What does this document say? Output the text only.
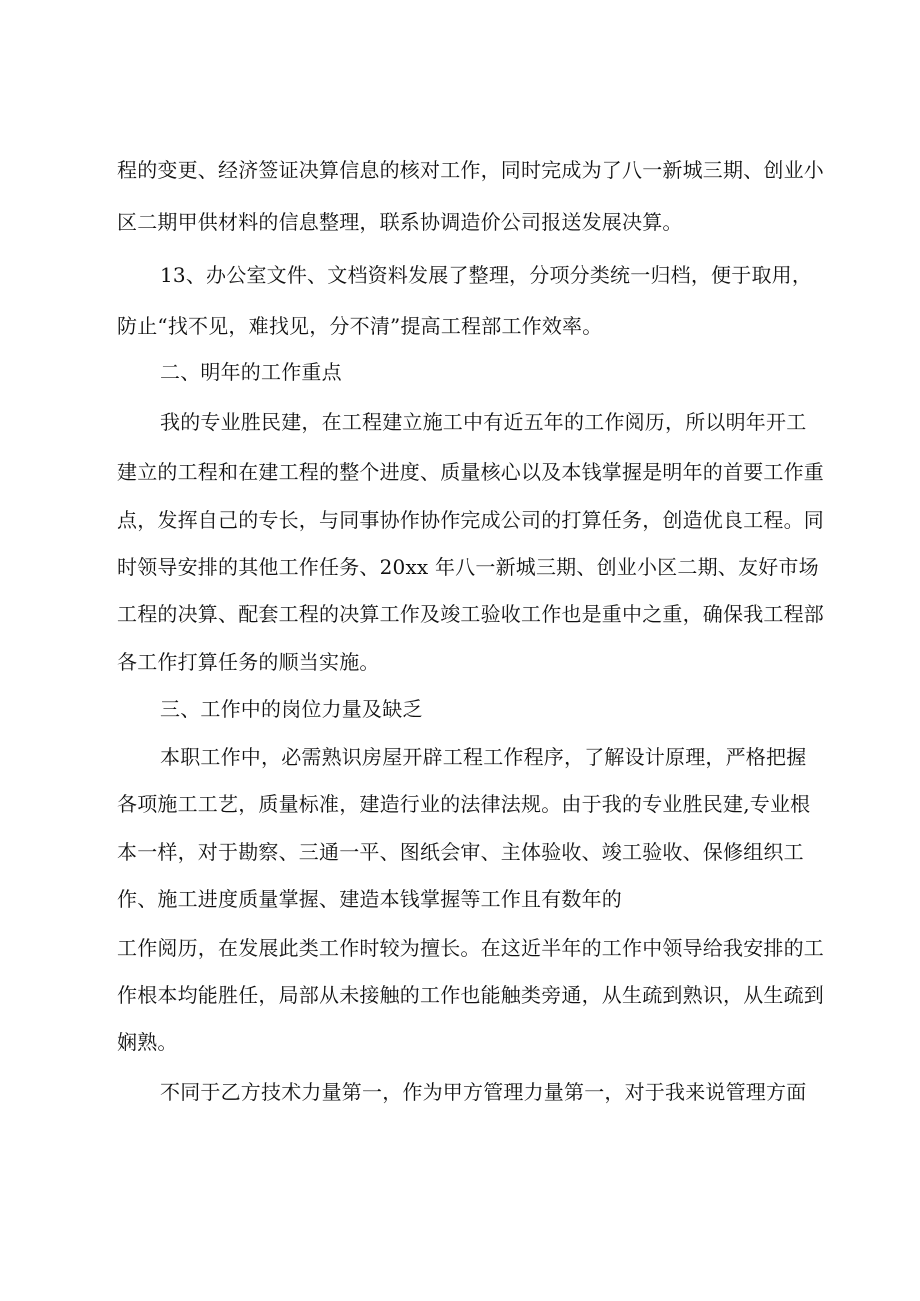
程的变更、经济签证决算信息的核对工作，同时完成为了八一新城三期、创业小
区二期甲供材料的信息整理，联系协调造价公司报送发展决算。
13、办公室文件、文档资料发展了整理，分项分类统一归档，便于取用，
防止“找不见，难找见，分不清”提高工程部工作效率。
二、明年的工作重点
我的专业胜民建，在工程建立施工中有近五年的工作阅历，所以明年开工
建立的工程和在建工程的整个进度、质量核心以及本钱掌握是明年的首要工作重
点，发挥自己的专长，与同事协作协作完成公司的打算任务，创造优良工程。同
时领导安排的其他工作任务、20xx 年八一新城三期、创业小区二期、友好市场
工程的决算、配套工程的决算工作及竣工验收工作也是重中之重，确保我工程部
各工作打算任务的顺当实施。
三、工作中的岗位力量及缺乏
本职工作中，必需熟识房屋开辟工程工作程序，了解设计原理，严格把握
各项施工工艺，质量标准，建造行业的法律法规。由于我的专业胜民建,专业根
本一样，对于勘察、三通一平、图纸会审、主体验收、竣工验收、保修组织工
作、施工进度质量掌握、建造本钱掌握等工作且有数年的
工作阅历，在发展此类工作时较为擅长。在这近半年的工作中领导给我安排的工
作根本均能胜任，局部从未接触的工作也能触类旁通，从生疏到熟识，从生疏到
娴熟。
不同于乙方技术力量第一，作为甲方管理力量第一，对于我来说管理方面
